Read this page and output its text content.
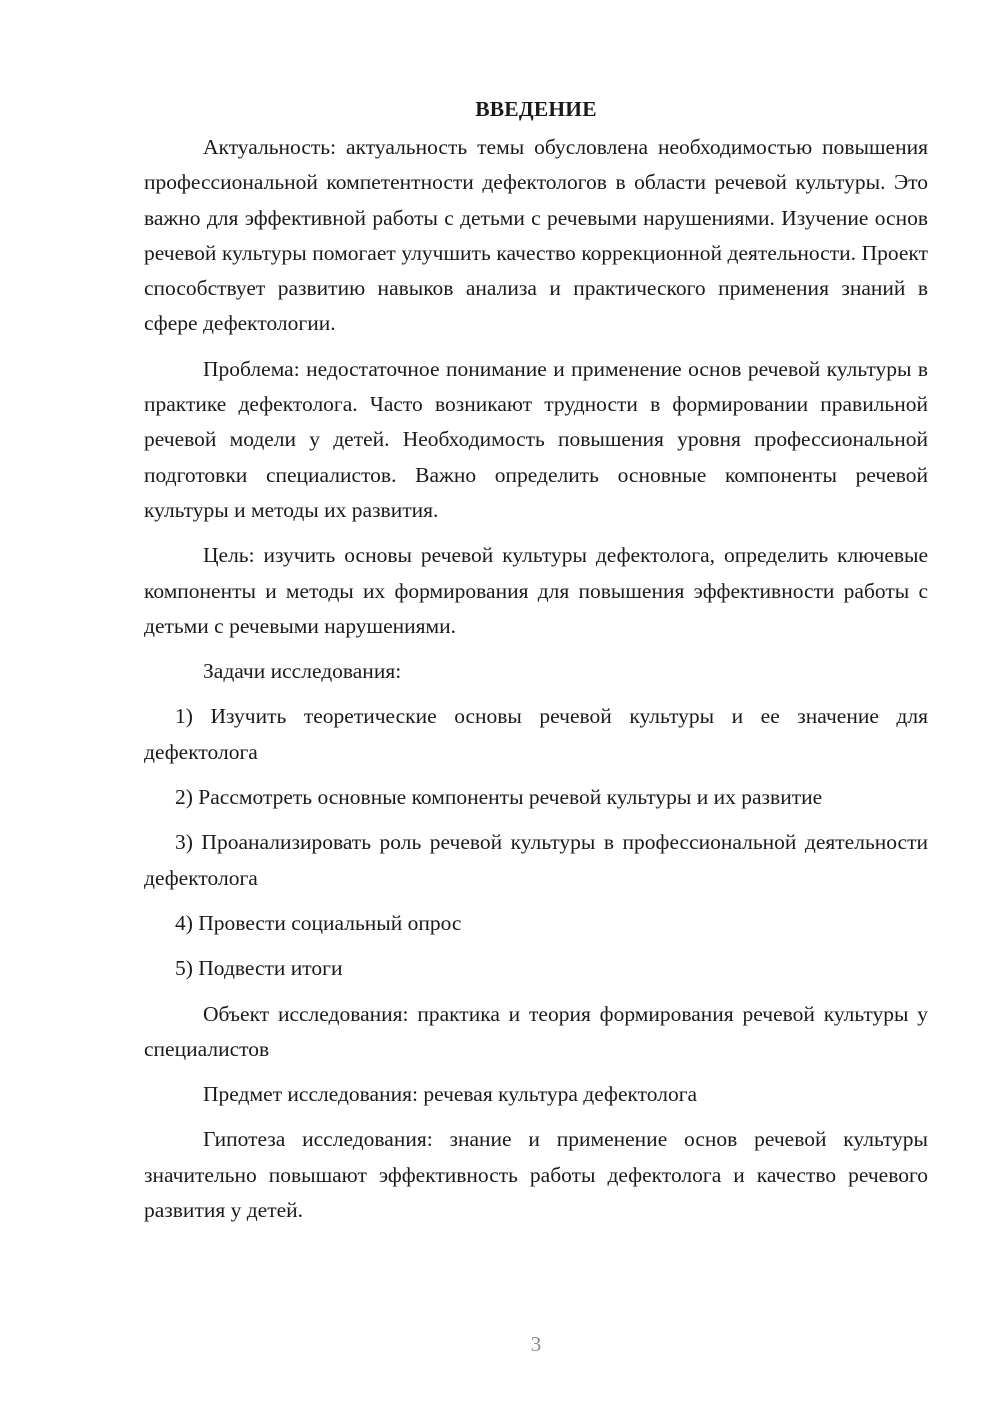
ВВЕДЕНИЕ

Актуальность: актуальность темы обусловлена необходимостью повышения профессиональной компетентности дефектологов в области речевой культуры. Это важно для эффективной работы с детьми с речевыми нарушениями. Изучение основ речевой культуры помогает улучшить качество коррекционной деятельности. Проект способствует развитию навыков анализа и практического применения знаний в сфере дефектологии.

Проблема: недостаточное понимание и применение основ речевой культуры в практике дефектолога. Часто возникают трудности в формировании правильной речевой модели у детей. Необходимость повышения уровня профессиональной подготовки специалистов. Важно определить основные компоненты речевой культуры и методы их развития.

Цель: изучить основы речевой культуры дефектолога, определить ключевые компоненты и методы их формирования для повышения эффективности работы с детьми с речевыми нарушениями.

Задачи исследования:

1) Изучить теоретические основы речевой культуры и ее значение для дефектолога

2) Рассмотреть основные компоненты речевой культуры и их развитие

3) Проанализировать роль речевой культуры в профессиональной деятельности дефектолога

4) Провести социальный опрос

5) Подвести итоги

Объект исследования: практика и теория формирования речевой культуры у специалистов

Предмет исследования: речевая культура дефектолога

Гипотеза исследования: знание и применение основ речевой культуры значительно повышают эффективность работы дефектолога и качество речевого развития у детей.

3
